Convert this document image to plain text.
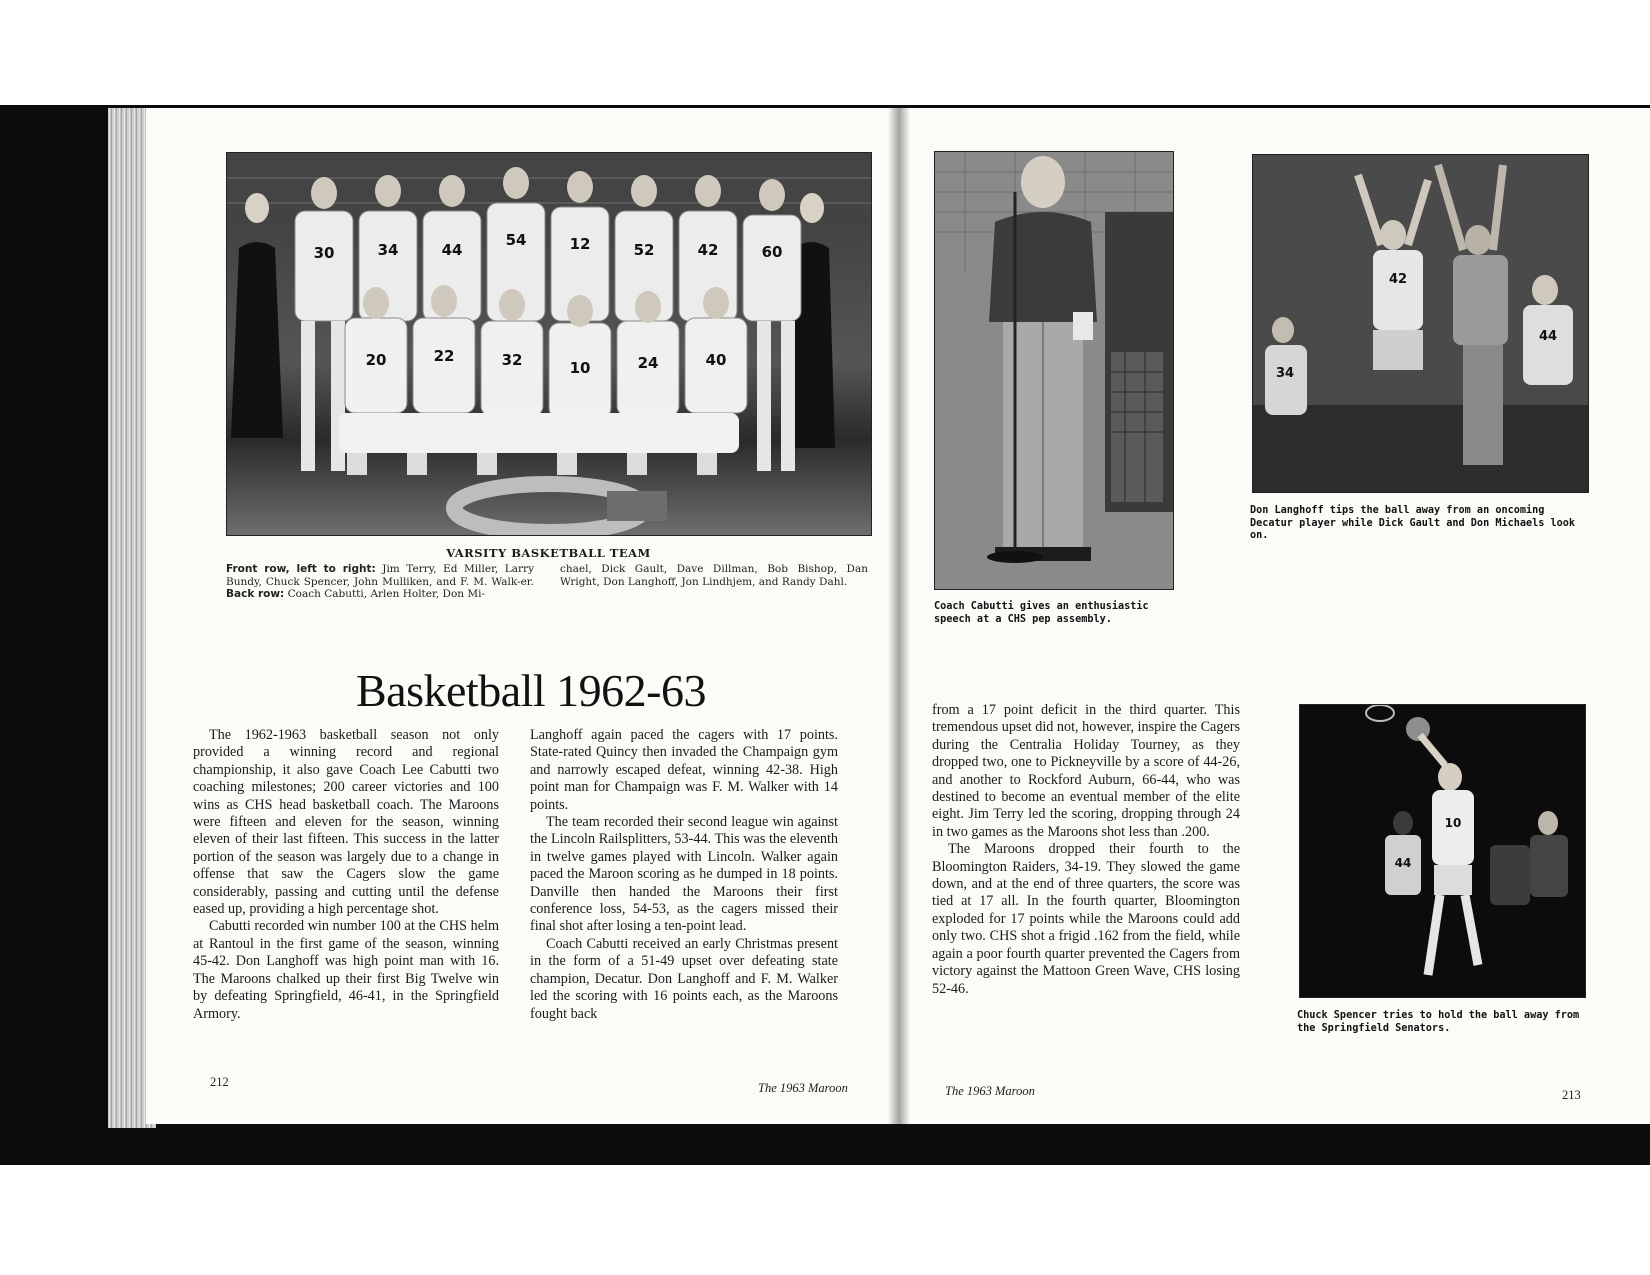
30	34	44
54	12	52	42	60
20	22	32	10	24	40
VARSITY BASKETBALL TEAM
Front row, left to right: Jim Terry, Ed Miller, Larry Bundy, Chuck Spencer, John Mulliken, and F. M. Walk-er. Back row: Coach Cabutti, Arlen Holter, Don Mi-
chael, Dick Gault, Dave Dillman, Bob Bishop, Dan Wright, Don Langhoff, Jon Lindhjem, and Randy Dahl.
Basketball 1962-63

The 1962-1963 basketball season not only provided a winning record and regional championship, it also gave Coach Lee Cabutti two coaching milestones; 200 career victories and 100 wins as CHS head basketball coach. The Maroons were fifteen and eleven for the season, winning eleven of their last fifteen. This success in the latter portion of the season was largely due to a change in offense that saw the Cagers slow the game considerably, passing and cutting until the defense eased up, providing a high percentage shot.

Cabutti recorded win number 100 at the CHS helm at Rantoul in the first game of the season, winning 45-42. Don Langhoff was high point man with 16. The Maroons chalked up their first Big Twelve win by defeating Springfield, 46-41, in the Springfield Armory.

Langhoff again paced the cagers with 17 points. State-rated Quincy then invaded the Champaign gym and narrowly escaped defeat, winning 42-38. High point man for Champaign was F. M. Walker with 14 points.

The team recorded their second league win against the Lincoln Railsplitters, 53-44. This was the eleventh in twelve games played with Lincoln. Walker again paced the Maroon scoring as he dumped in 18 points. Danville then handed the Maroons their first conference loss, 54-53, as the cagers missed their final shot after losing a ten-point lead.

Coach Cabutti received an early Christmas present in the form of a 51-49 upset over defeating state champion, Decatur. Don Langhoff and F. M. Walker led the scoring with 16 points each, as the Maroons fought back

212	The 1963 Maroon
Coach Cabutti gives an enthusiastic speech at a CHS pep assembly.
42
34
44
Don Langhoff tips the ball away from an oncoming Decatur player while Dick Gault and Don Michaels look on.

from a 17 point deficit in the third quarter. This tremendous upset did not, however, inspire the Cagers during the Centralia Holiday Tourney, as they dropped two, one to Pickneyville by a score of 44-26, and another to Rockford Auburn, 66-44, who was destined to become an eventual member of the elite eight. Jim Terry led the scoring, dropping through 24 in two games as the Maroons shot less than .200.

The Maroons dropped their fourth to the Bloomington Raiders, 34-19. They slowed the game down, and at the end of three quarters, the score was tied at 17 all. In the fourth quarter, Bloomington exploded for 17 points while the Maroons could add only two. CHS shot a frigid .162 from the field, while again a poor fourth quarter prevented the Cagers from victory against the Mattoon Green Wave, CHS losing 52-46.

10
44
Chuck Spencer tries to hold the ball away from the Springfield Senators.
The 1963 Maroon	213
